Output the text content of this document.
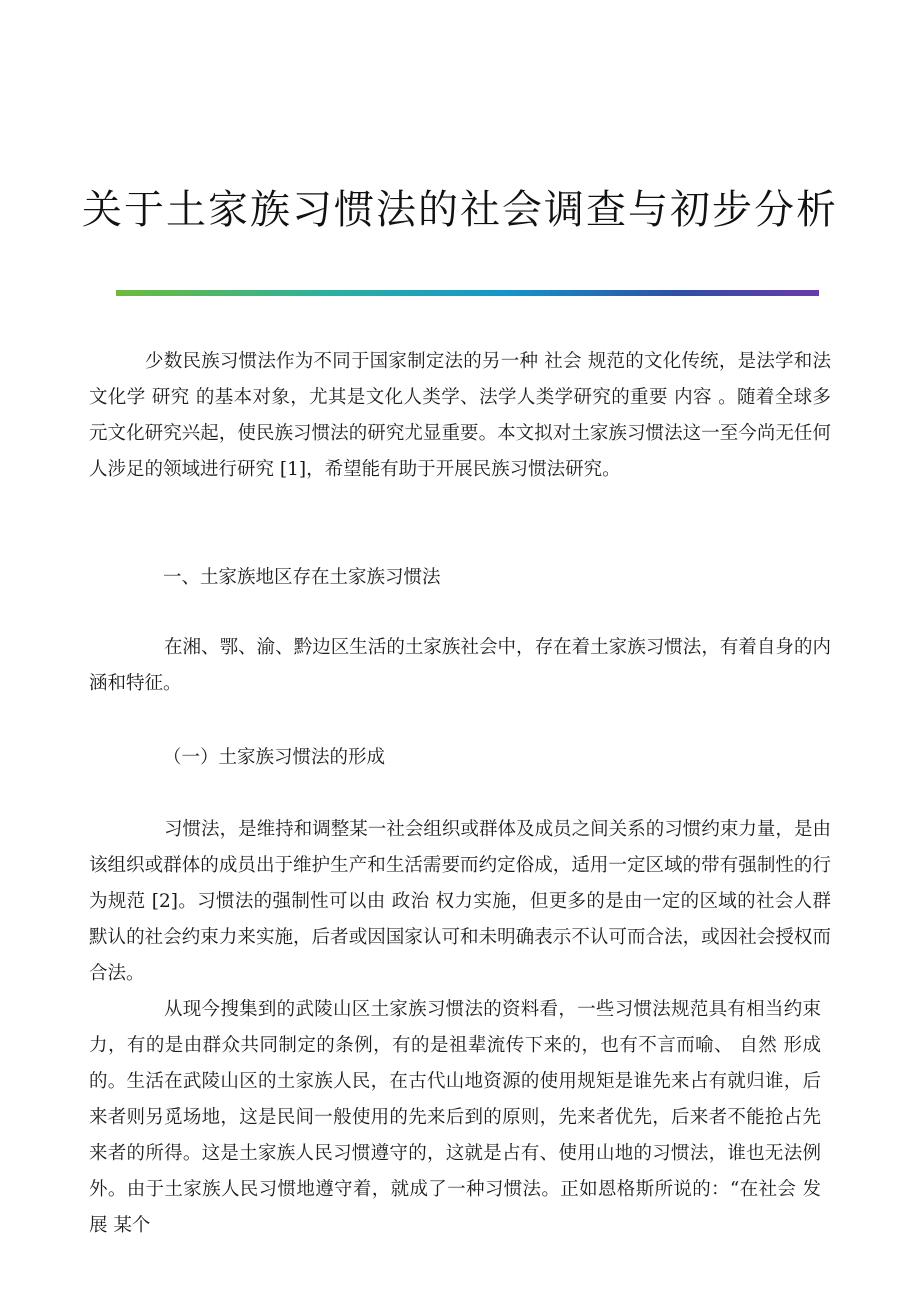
关于土家族习惯法的社会调查与初步分析

少数民族习惯法作为不同于国家制定法的另一种 社会 规范的文化传统，是法学和法文化学 研究 的基本对象，尤其是文化人类学、法学人类学研究的重要 内容 。随着全球多元文化研究兴起，使民族习惯法的研究尤显重要。本文拟对土家族习惯法这一至今尚无任何人涉足的领域进行研究 [1]，希望能有助于开展民族习惯法研究。

一、土家族地区存在土家族习惯法

在湘、鄂、渝、黔边区生活的土家族社会中，存在着土家族习惯法，有着自身的内涵和特征。

（一）土家族习惯法的形成

习惯法，是维持和调整某一社会组织或群体及成员之间关系的习惯约束力量，是由该组织或群体的成员出于维护生产和生活需要而约定俗成，适用一定区域的带有强制性的行为规范 [2]。习惯法的强制性可以由 政治 权力实施，但更多的是由一定的区域的社会人群默认的社会约束力来实施，后者或因国家认可和未明确表示不认可而合法，或因社会授权而合法。

从现今搜集到的武陵山区土家族习惯法的资料看，一些习惯法规范具有相当约束力，有的是由群众共同制定的条例，有的是祖辈流传下来的，也有不言而喻、 自然 形成的。生活在武陵山区的土家族人民，在古代山地资源的使用规矩是谁先来占有就归谁，后来者则另觅场地，这是民间一般使用的先来后到的原则，先来者优先，后来者不能抢占先来者的所得。这是土家族人民习惯遵守的，这就是占有、使用山地的习惯法，谁也无法例外。由于土家族人民习惯地遵守着，就成了一种习惯法。正如恩格斯所说的：“在社会 发展 某个
